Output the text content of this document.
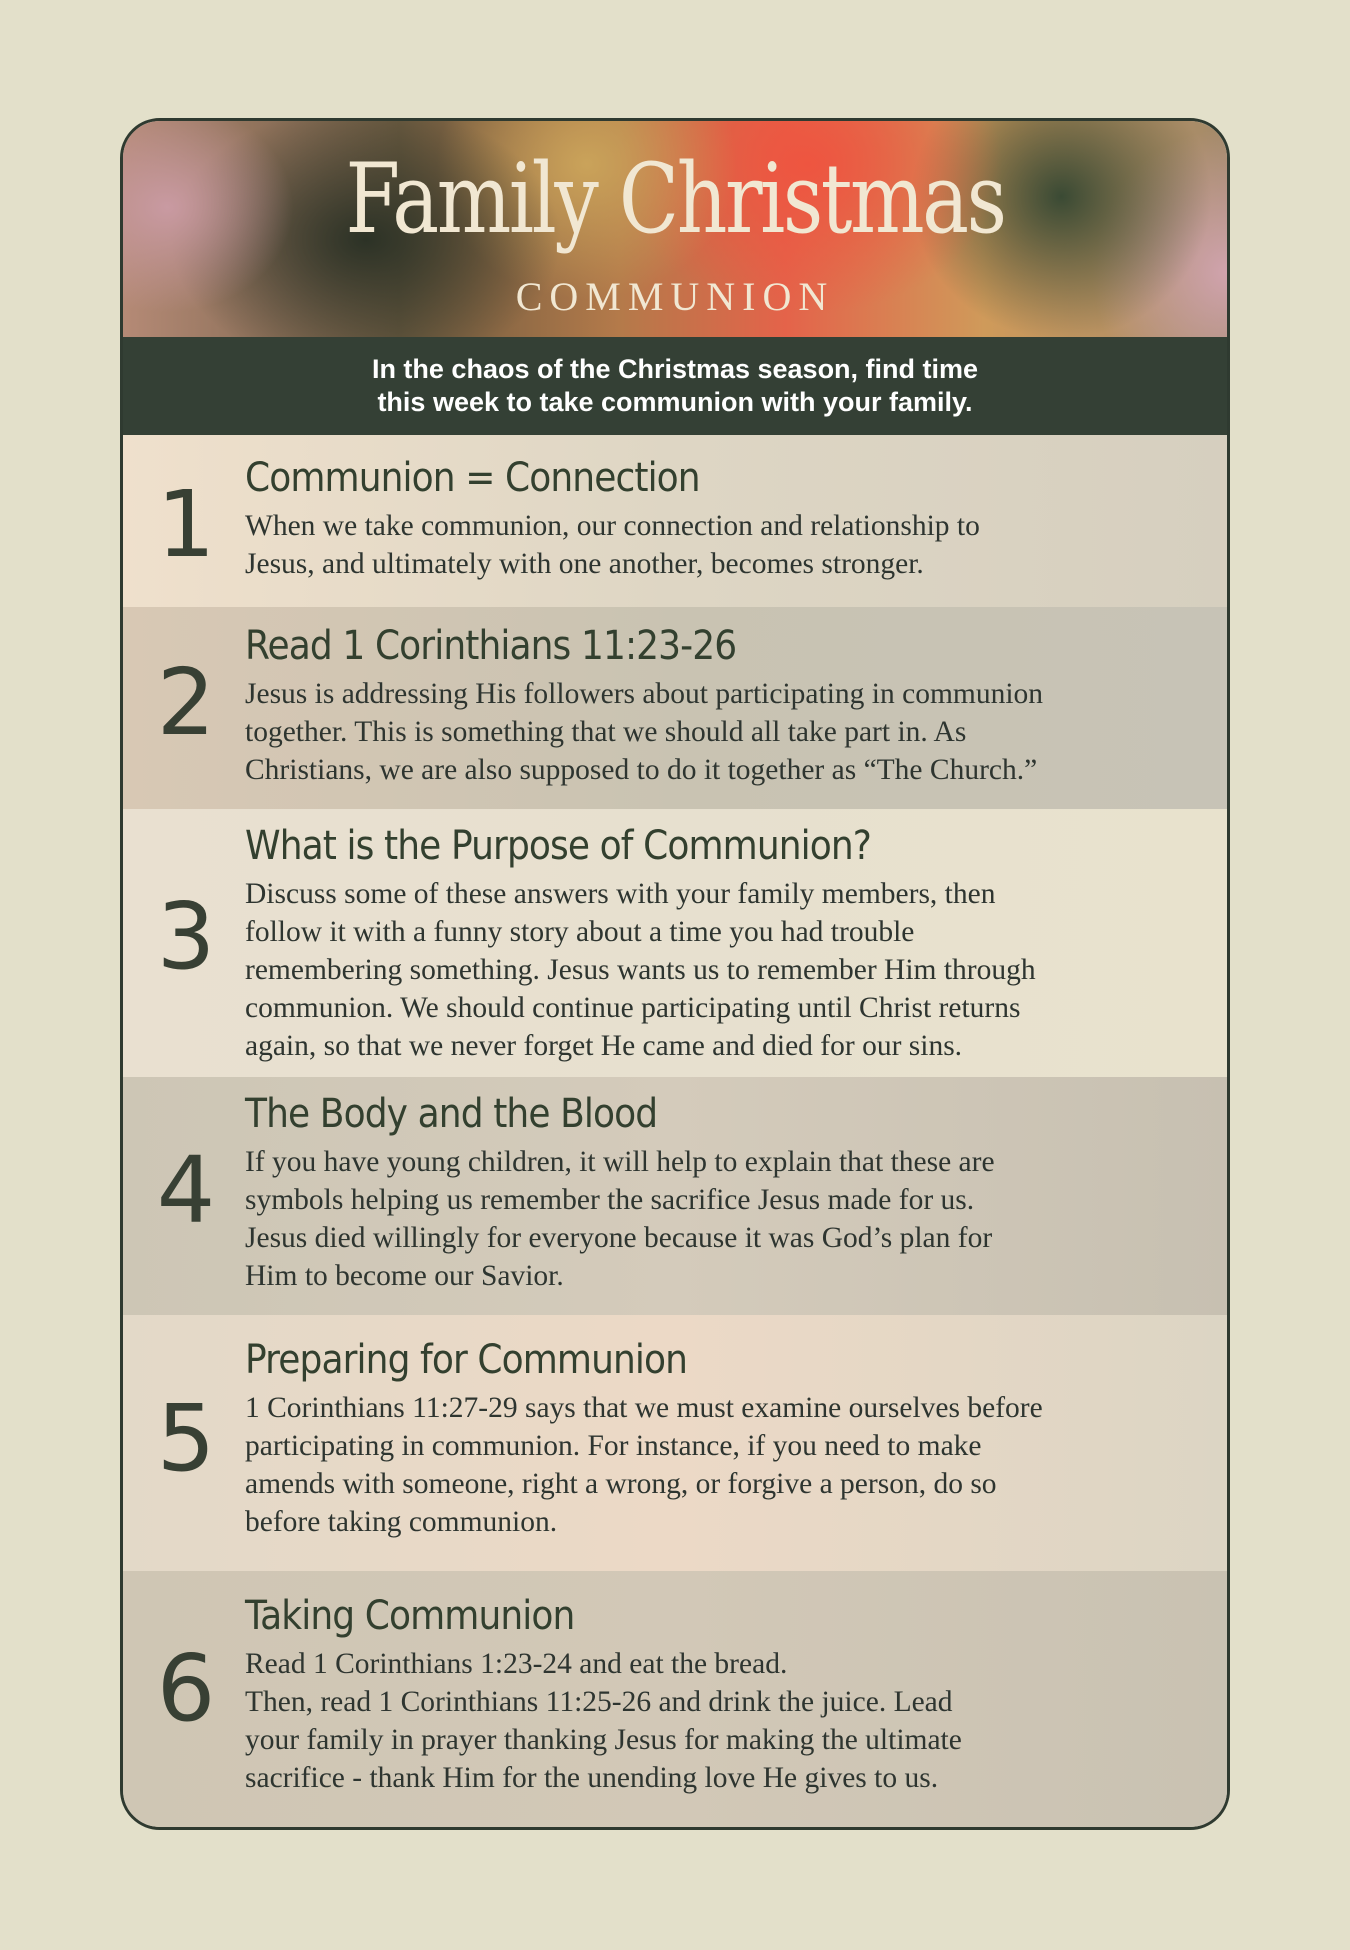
Family Christmas
COMMUNION
In the chaos of the Christmas season, find time
this week to take communion with your family.
1 Communion = Connection
When we take communion, our connection and relationship to
Jesus, and ultimately with one another, becomes stronger.
2
Read 1 Corinthians 11:23-26
Jesus is addressing His followers about participating in communion
together. This is something that we should all take part in. As
Christians, we are also supposed to do it together as “The Church.”
3
What is the Purpose of Communion?
Discuss some of these answers with your family members, then
follow it with a funny story about a time you had trouble
remembering something. Jesus wants us to remember Him through
communion. We should continue participating until Christ returns
again, so that we never forget He came and died for our sins.
4
The Body and the Blood
If you have young children, it will help to explain that these are
symbols helping us remember the sacrifice Jesus made for us.
Jesus died willingly for everyone because it was God’s plan for
Him to become our Savior.
5
Preparing for Communion
1 Corinthians 11:27-29 says that we must examine ourselves before
participating in communion. For instance, if you need to make
amends with someone, right a wrong, or forgive a person, do so
before taking communion.
6
Taking Communion
Read 1 Corinthians 1:23-24 and eat the bread.
Then, read 1 Corinthians 11:25-26 and drink the juice. Lead
your family in prayer thanking Jesus for making the ultimate
sacrifice - thank Him for the unending love He gives to us.
